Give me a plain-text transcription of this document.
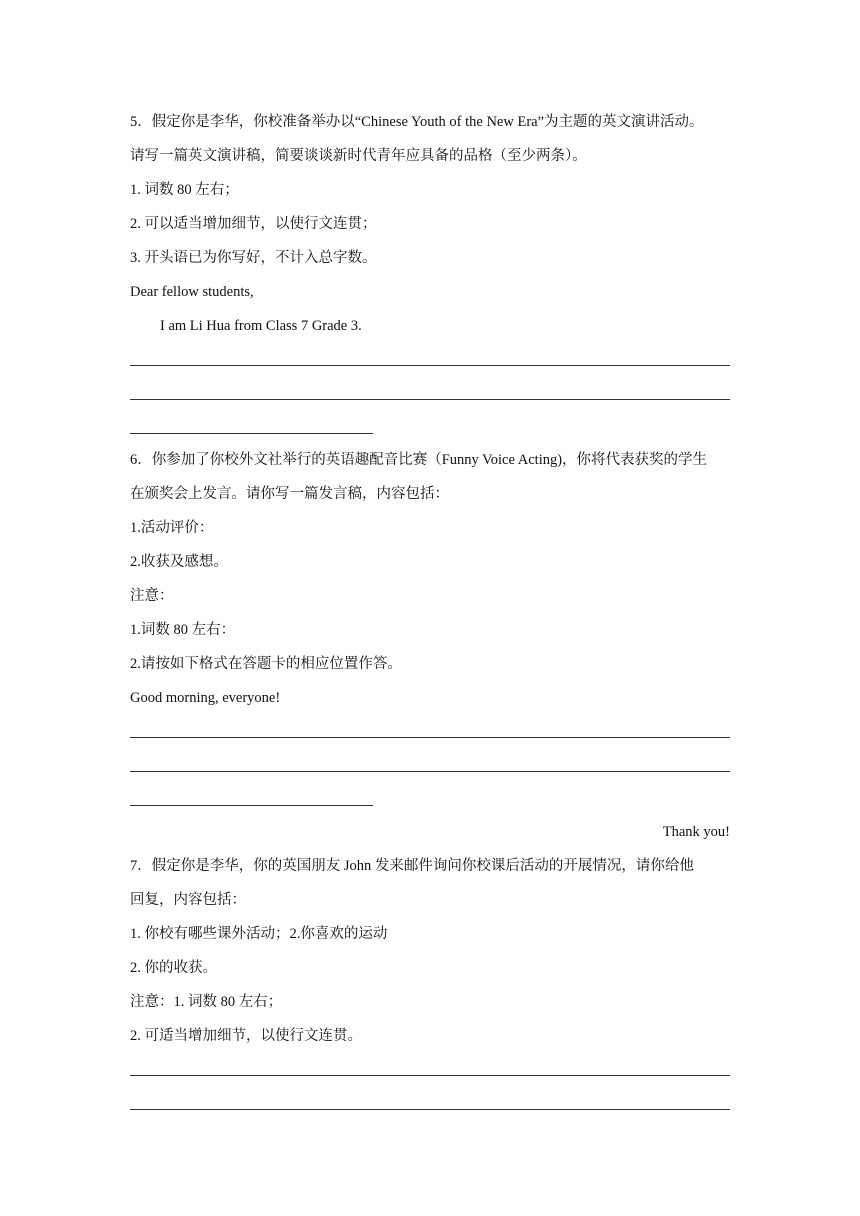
5．假定你是李华，你校准备举办以“Chinese Youth of the New Era”为主题的英文演讲活动。
请写一篇英文演讲稿，简要谈谈新时代青年应具备的品格（至少两条）。
1. 词数 80 左右；
2. 可以适当增加细节，以使行文连贯；
3. 开头语已为你写好，不计入总字数。
Dear fellow students,
I am Li Hua from Class 7 Grade 3.
6．你参加了你校外文社举行的英语趣配音比赛（Funny Voice Acting)，你将代表获奖的学生
在颁奖会上发言。请你写一篇发言稿，内容包括：
1.活动评价：
2.收获及感想。
注意：
1.词数 80 左右：
2.请按如下格式在答题卡的相应位置作答。
Good morning, everyone!
Thank you!
7．假定你是李华，你的英国朋友 John 发来邮件询问你校课后活动的开展情况，请你给他
回复，内容包括：
1. 你校有哪些课外活动；2.你喜欢的运动
2. 你的收获。
注意：1. 词数 80 左右；
2. 可适当增加细节，以使行文连贯。
